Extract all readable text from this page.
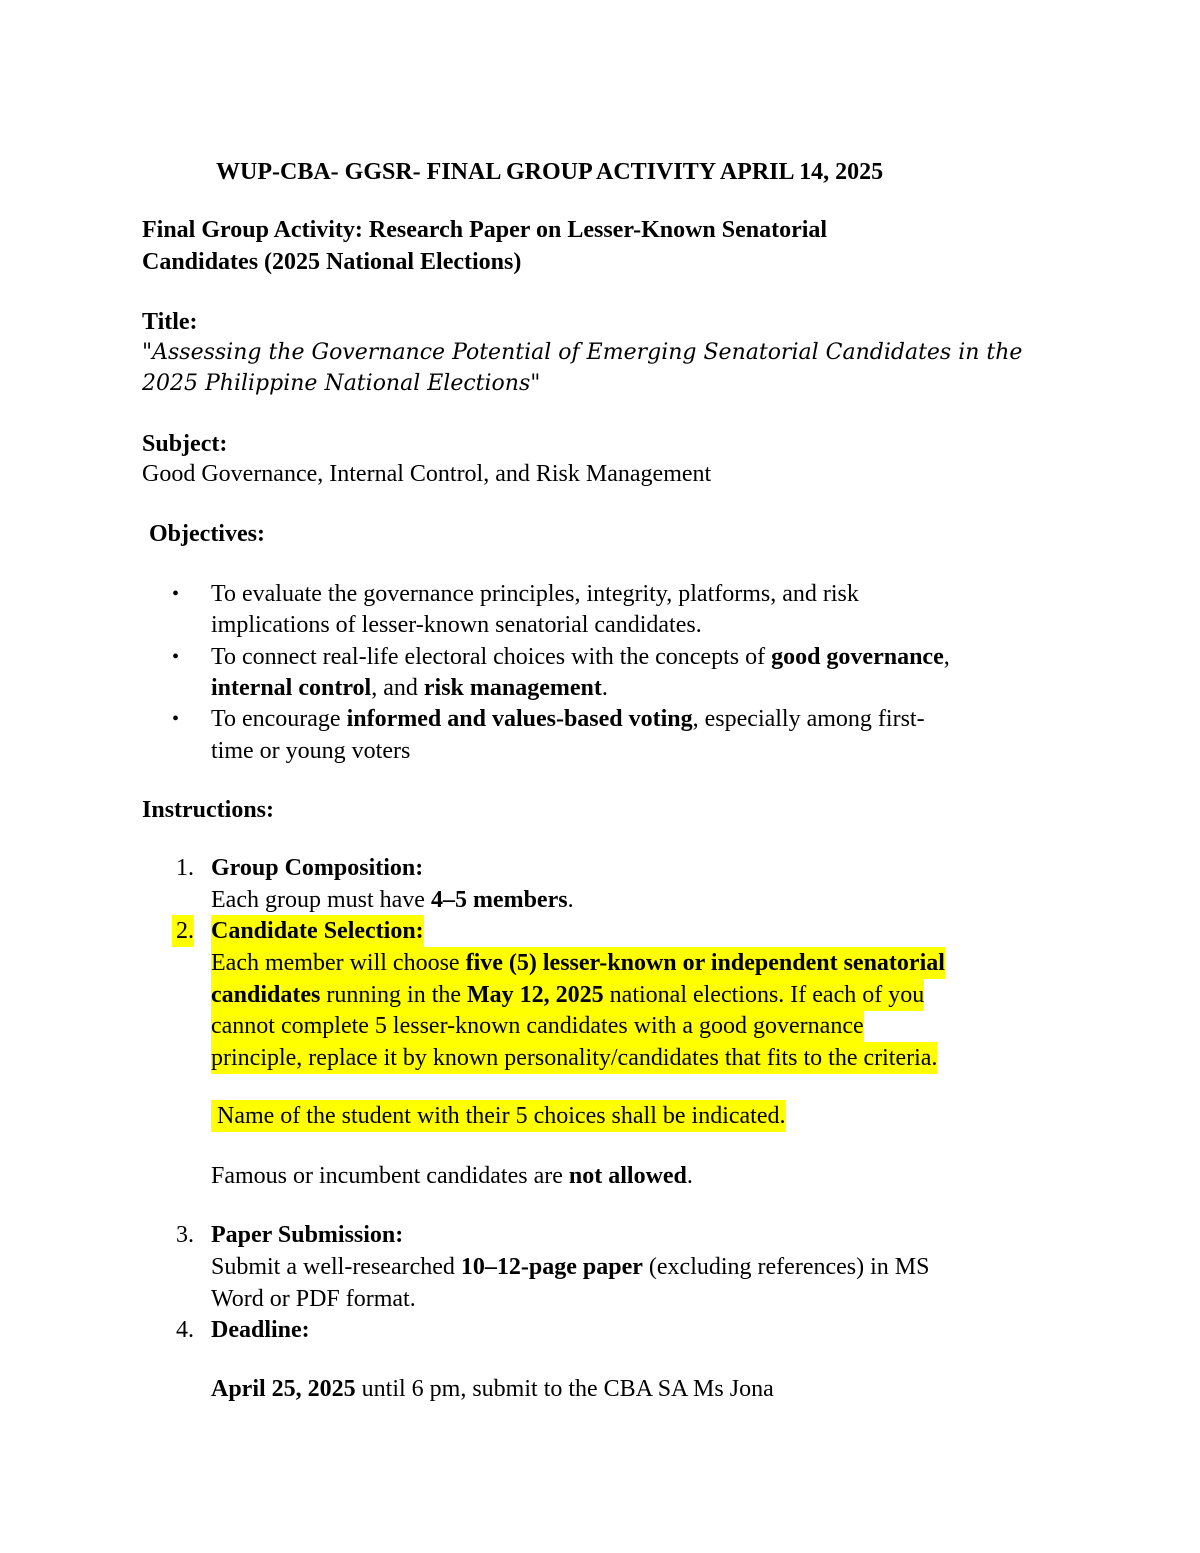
WUP-CBA- GGSR- FINAL GROUP ACTIVITY APRIL 14, 2025
Final Group Activity: Research Paper on Lesser-Known Senatorial
Candidates (2025 National Elections)
Title:
"Assessing the Governance Potential of Emerging Senatorial Candidates in the
2025 Philippine National Elections"
Subject:
Good Governance, Internal Control, and Risk Management
Objectives:
• To evaluate the governance principles, integrity, platforms, and risk
implications of lesser-known senatorial candidates.
• To connect real-life electoral choices with the concepts of good governance,
internal control, and risk management.
• To encourage informed and values-based voting, especially among first-
time or young voters
Instructions:
1. Group Composition:
Each group must have 4–5 members.
2. Candidate Selection:
Each member will choose five (5) lesser-known or independent senatorial
candidates running in the May 12, 2025 national elections. If each of you
cannot complete 5 lesser-known candidates with a good governance
principle, replace it by known personality/candidates that fits to the criteria.
Name of the student with their 5 choices shall be indicated.
Famous or incumbent candidates are not allowed.
3. Paper Submission:
Submit a well-researched 10–12-page paper (excluding references) in MS
Word or PDF format.
4. Deadline:
April 25, 2025 until 6 pm, submit to the CBA SA Ms Jona
